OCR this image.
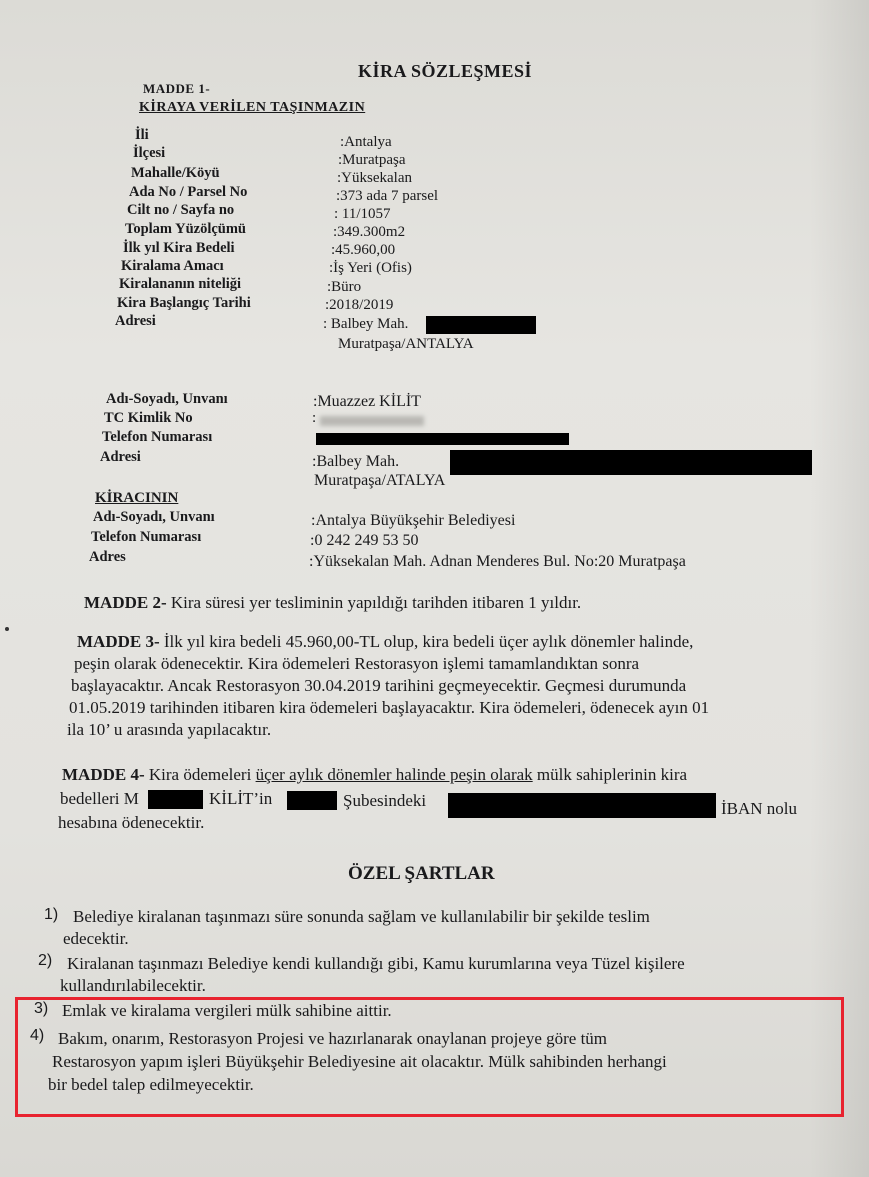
KİRA SÖZLEŞMESİ
MADDE 1-
KİRAYA VERİLEN TAŞINMAZIN
İli	:Antalya
İlçesi	:Muratpaşa
Mahalle/Köyü	:Yüksekalan
Ada No / Parsel No	:373 ada 7 parsel
Cilt no / Sayfa no	: 11/1057
Toplam Yüzölçümü	:349.300m2
İlk yıl Kira Bedeli	:45.960,00
Kiralama Amacı	:İş Yeri (Ofis)
Kiralananın niteliği	:Büro
Kira Başlangıç Tarihi	:2018/2019
Adresi	: Balbey Mah.
Muratpaşa/ANTALYA
Adı-Soyadı, Unvanı	:Muazzez KİLİT
TC Kimlik No	:
Telefon Numarası
Adresi	:Balbey Mah.
Muratpaşa/ATALYA
KİRACININ
Adı-Soyadı, Unvanı	:Antalya Büyükşehir Belediyesi
Telefon Numarası	:0 242 249 53 50
Adres	:Yüksekalan Mah. Adnan Menderes Bul. No:20 Muratpaşa
MADDE 2- Kira süresi yer tesliminin yapıldığı tarihden itibaren 1 yıldır.
MADDE 3- İlk yıl kira bedeli 45.960,00-TL olup, kira bedeli üçer aylık dönemler halinde,
peşin olarak ödenecektir. Kira ödemeleri Restorasyon işlemi tamamlandıktan sonra
başlayacaktır. Ancak Restorasyon 30.04.2019 tarihini geçmeyecektir. Geçmesi durumunda
01.05.2019 tarihinden itibaren kira ödemeleri başlayacaktır. Kira ödemeleri, ödenecek ayın 01
ila 10’ u arasında yapılacaktır.
MADDE 4- Kira ödemeleri üçer aylık dönemler halinde peşin olarak mülk sahiplerinin kira
bedelleri M	KİLİT’in	Şubesindeki	İBAN nolu
hesabına ödenecektir.
ÖZEL ŞARTLAR
1) Belediye kiralanan taşınmazı süre sonunda sağlam ve kullanılabilir bir şekilde teslim
edecektir.
2) Kiralanan taşınmazı Belediye kendi kullandığı gibi, Kamu kurumlarına veya Tüzel kişilere
kullandırılabilecektir.
3) Emlak ve kiralama vergileri mülk sahibine aittir.
4) Bakım, onarım, Restorasyon Projesi ve hazırlanarak onaylanan projeye göre tüm
Restarosyon yapım işleri Büyükşehir Belediyesine ait olacaktır. Mülk sahibinden herhangi
bir bedel talep edilmeyecektir.
